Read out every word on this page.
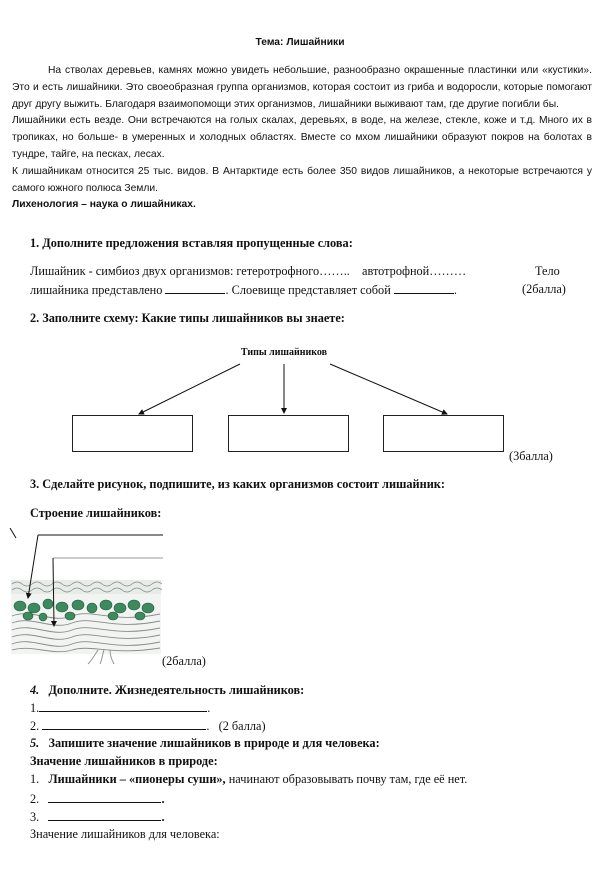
Тема: Лишайники

На стволах деревьев, камнях можно увидеть небольшие, разнообразно окрашенные пластинки или «кустики». Это и есть лишайники. Это своеобразная группа организмов, которая состоит из гриба и водоросли, которые помогают друг другу выжить. Благодаря взаимопомощи этих организмов, лишайники выживают там, где другие погибли бы.

Лишайники есть везде. Они встречаются на голых скалах, деревьях, в воде, на железе, стекле, коже и т.д. Много их в тропиках, но больше- в умеренных и холодных областях. Вместе со мхом лишайники образуют покров на болотах в тундре, тайге, на песках, лесах.

К лишайникам относится 25 тыс. видов. В Антарктиде есть более 350 видов лишайников, а некоторые встречаются у самого южного полюса Земли.

Лихенология – наука о лишайниках.

1. Дополните предложения вставляя пропущенные слова:
Лишайник - симбиоз двух организмов: гетеротрофного…….. автотрофной………	Тело
лишайника представлено	. Слоевище представляет собой	.	(2балла)
2. Заполните схему: Какие типы лишайников вы знаете:
Типы лишайников
(3балла)
3. Сделайте рисунок, подпишите, из каких организмов состоит лишайник:
Строение лишайников:
(2балла)
4. Дополните. Жизнедеятельность лишайников:
1.	.
2.	.   (2 балла)
5. Запишите значение лишайников в природе и для человека:
Значение лишайников в природе:
1. Лишайники – «пионеры суши», начинают образовывать почву там, где её нет.
2.	.
3.	.
Значение лишайников для человека:
